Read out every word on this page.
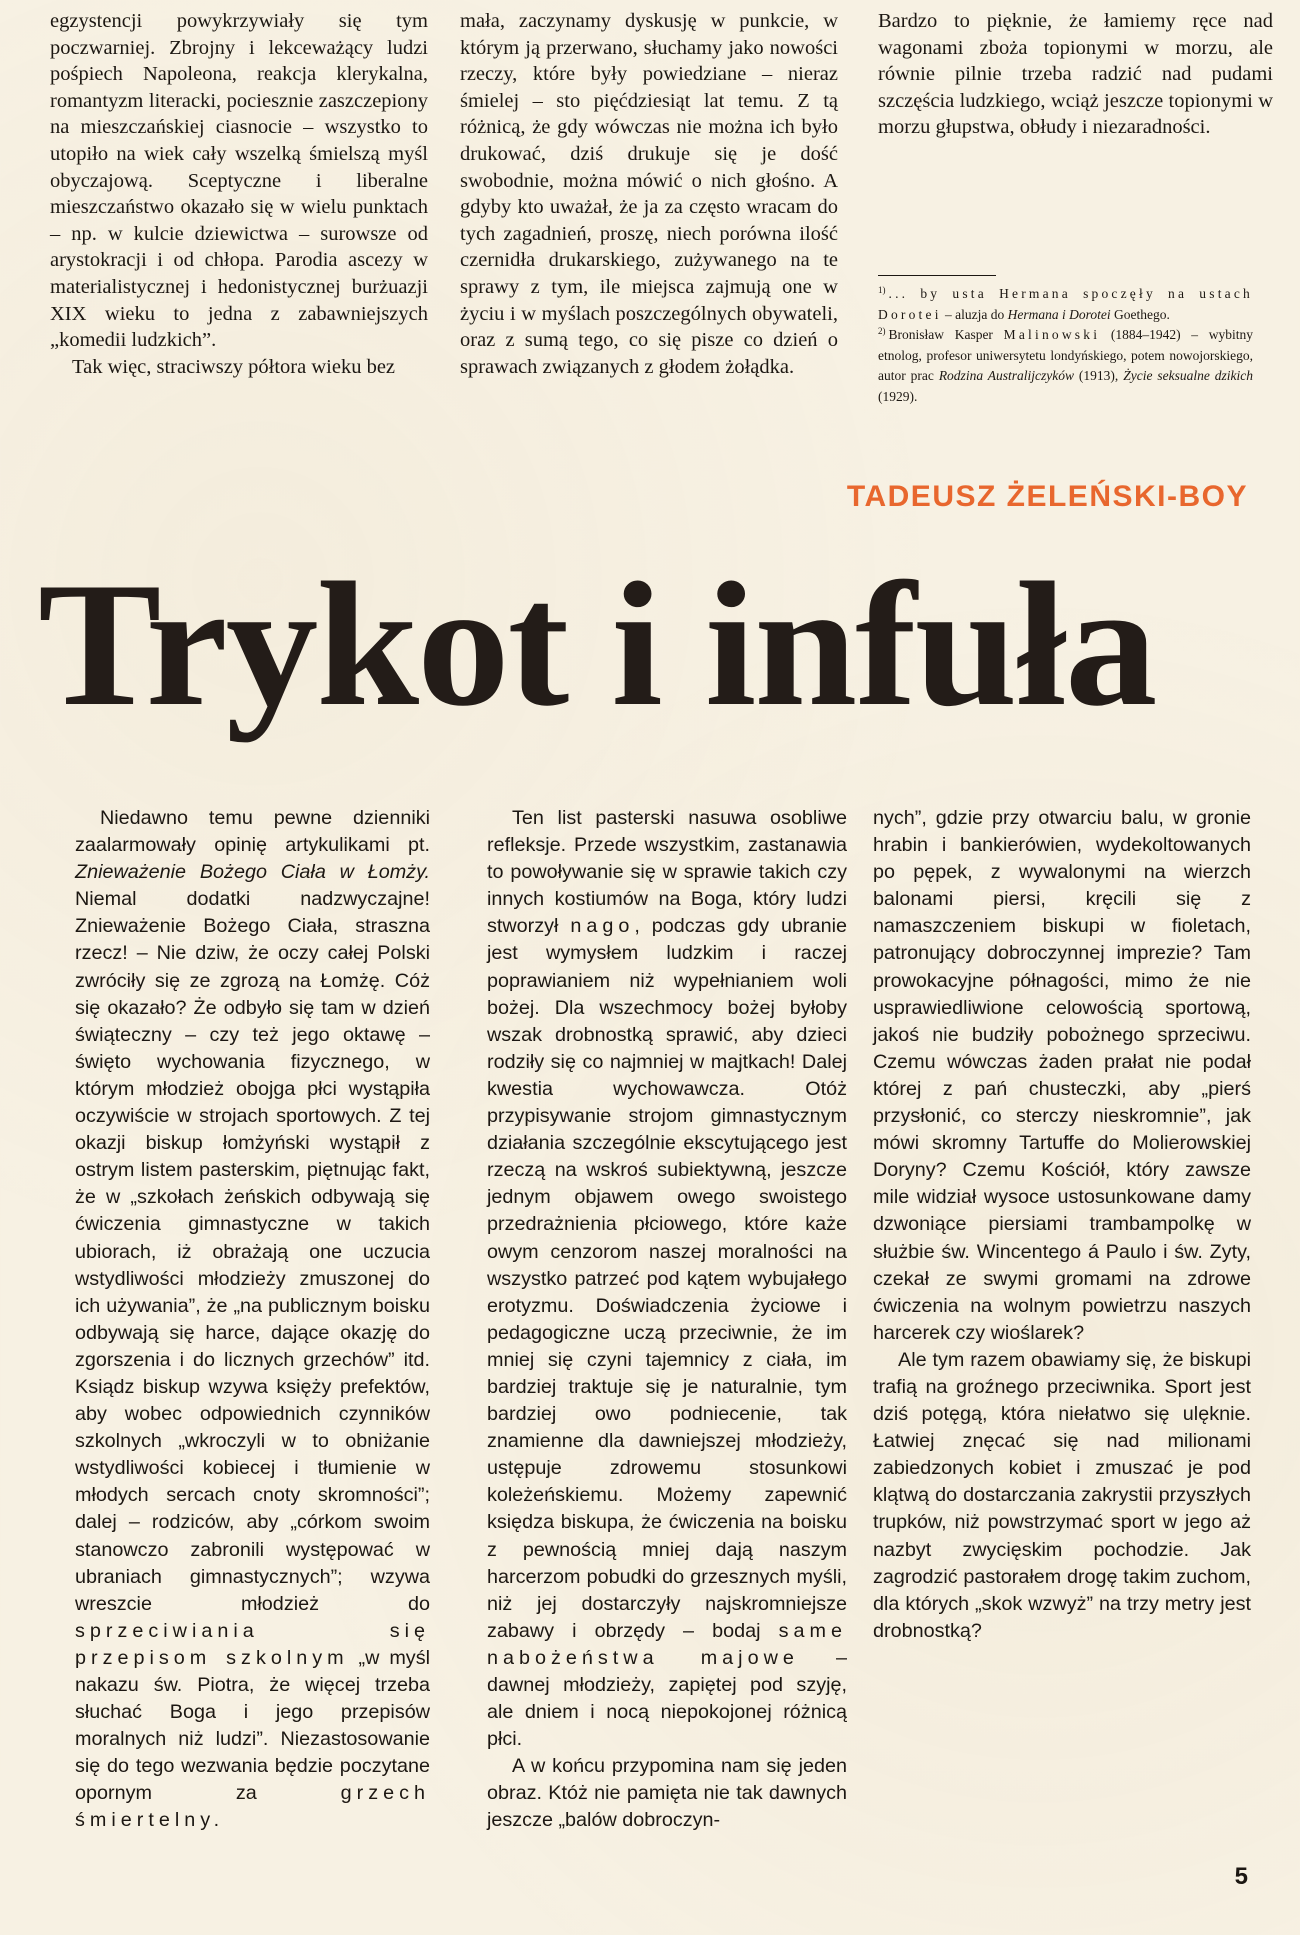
egzystencji powykrzywiały się tym poczwarniej. Zbrojny i lekceważący ludzi pośpiech Napoleona, reakcja klerykalna, romantyzm literacki, pociesznie zaszczepiony na mieszczańskiej ciasnocie – wszystko to utopiło na wiek cały wszelką śmielszą myśl obyczajową. Sceptyczne i liberalne mieszczaństwo okazało się w wielu punktach – np. w kulcie dziewictwa – surowsze od arystokracji i od chłopa. Parodia ascezy w materialistycznej i hedonistycznej burżuazji XIX wieku to jedna z zabawniejszych „komedii ludzkich”.

Tak więc, straciwszy półtora wieku bez

mała, zaczynamy dyskusję w punkcie, w którym ją przerwano, słuchamy jako nowości rzeczy, które były powiedziane – nieraz śmielej – sto pięćdziesiąt lat temu. Z tą różnicą, że gdy wówczas nie można ich było drukować, dziś drukuje się je dość swobodnie, można mówić o nich głośno. A gdyby kto uważał, że ja za często wracam do tych zagadnień, proszę, niech porówna ilość czernidła drukarskiego, zużywanego na te sprawy z tym, ile miejsca zajmują one w życiu i w myślach poszczególnych obywateli, oraz z sumą tego, co się pisze co dzień o sprawach związanych z głodem żołądka.

Bardzo to pięknie, że łamiemy ręce nad wagonami zboża topionymi w morzu, ale równie pilnie trzeba radzić nad pudami szczęścia ludzkiego, wciąż jeszcze topionymi w morzu głupstwa, obłudy i niezaradności.

$^{1)}$ ... by usta Hermana spoczęły na ustach Dorotei – aluzja do Hermana i Dorotei Goethego.

$^{2)}$ Bronisław Kasper Malinowski (1884–1942) – wybitny etnolog, profesor uniwersytetu londyńskiego, potem nowojorskiego, autor prac Rodzina Australijczyków (1913), Życie seksualne dzikich (1929).

TADEUSZ ŻELEŃSKI-BOY
Trykot i infuła

Niedawno temu pewne dzienniki zaalarmowały opinię artykulikami pt. Znieważenie Bożego Ciała w Łomży. Niemal dodatki nadzwyczajne! Znieważenie Bożego Ciała, straszna rzecz! – Nie dziw, że oczy całej Polski zwróciły się ze zgrozą na Łomżę. Cóż się okazało? Że odbyło się tam w dzień świąteczny – czy też jego oktawę – święto wychowania fizycznego, w którym młodzież obojga płci wystąpiła oczywiście w strojach sportowych. Z tej okazji biskup łomżyński wystąpił z ostrym listem pasterskim, piętnując fakt, że w „szkołach żeńskich odbywają się ćwiczenia gimnastyczne w takich ubiorach, iż obrażają one uczucia wstydliwości młodzieży zmuszonej do ich używania”, że „na publicznym boisku odbywają się harce, dające okazję do zgorszenia i do licznych grzechów” itd. Ksiądz biskup wzywa księży prefektów, aby wobec odpowiednich czynników szkolnych „wkroczyli w to obniżanie wstydliwości kobiecej i tłumienie w młodych sercach cnoty skromności”; dalej – rodziców, aby „córkom swoim stanowczo zabronili występować w ubraniach gimnastycznych”; wzywa wreszcie młodzież do sprzeciwiania się przepisom szkolnym „w myśl nakazu św. Piotra, że więcej trzeba słuchać Boga i jego przepisów moralnych niż ludzi”. Niezastosowanie się do tego wezwania będzie poczytane opornym za grzech śmiertelny.

Ten list pasterski nasuwa osobliwe refleksje. Przede wszystkim, zastanawia to powoływanie się w sprawie takich czy innych kostiumów na Boga, który ludzi stworzył nago, podczas gdy ubranie jest wymysłem ludzkim i raczej poprawianiem niż wypełnianiem woli bożej. Dla wszechmocy bożej byłoby wszak drobnostką sprawić, aby dzieci rodziły się co najmniej w majtkach! Dalej kwestia wychowawcza. Otóż przypisywanie strojom gimnastycznym działania szczególnie ekscytującego jest rzeczą na wskroś subiektywną, jeszcze jednym objawem owego swoistego przedrażnienia płciowego, które każe owym cenzorom naszej moralności na wszystko patrzeć pod kątem wybujałego erotyzmu. Doświadczenia życiowe i pedagogiczne uczą przeciwnie, że im mniej się czyni tajemnicy z ciała, im bardziej traktuje się je naturalnie, tym bardziej owo podniecenie, tak znamienne dla dawniejszej młodzieży, ustępuje zdrowemu stosunkowi koleżeńskiemu. Możemy zapewnić księdza biskupa, że ćwiczenia na boisku z pewnością mniej dają naszym harcerzom pobudki do grzesznych myśli, niż jej dostarczyły najskromniejsze zabawy i obrzędy – bodaj same nabożeństwa majowe – dawnej młodzieży, zapiętej pod szyję, ale dniem i nocą niepokojonej różnicą płci.

A w końcu przypomina nam się jeden obraz. Któż nie pamięta nie tak dawnych jeszcze „balów dobroczyn-

nych”, gdzie przy otwarciu balu, w gronie hrabin i bankierówien, wydekoltowanych po pępek, z wywalonymi na wierzch balonami piersi, kręcili się z namaszczeniem biskupi w fioletach, patronujący dobroczynnej imprezie? Tam prowokacyjne półnagości, mimo że nie usprawiedliwione celowością sportową, jakoś nie budziły pobożnego sprzeciwu. Czemu wówczas żaden prałat nie podał której z pań chusteczki, aby „pierś przysłonić, co sterczy nieskromnie”, jak mówi skromny Tartuffe do Molierowskiej Doryny? Czemu Kościół, który zawsze mile widział wysoce ustosunkowane damy dzwoniące piersiami trambampolkę w służbie św. Wincentego á Paulo i św. Zyty, czekał ze swymi gromami na zdrowe ćwiczenia na wolnym powietrzu naszych harcerek czy wioślarek?

Ale tym razem obawiamy się, że biskupi trafią na groźnego przeciwnika. Sport jest dziś potęgą, która niełatwo się ulęknie. Łatwiej znęcać się nad milionami zabiedzonych kobiet i zmuszać je pod klątwą do dostarczania zakrystii przyszłych trupków, niż powstrzymać sport w jego aż nazbyt zwycięskim pochodzie. Jak zagrodzić pastorałem drogę takim zuchom, dla których „skok wzwyż” na trzy metry jest drobnostką?

5
